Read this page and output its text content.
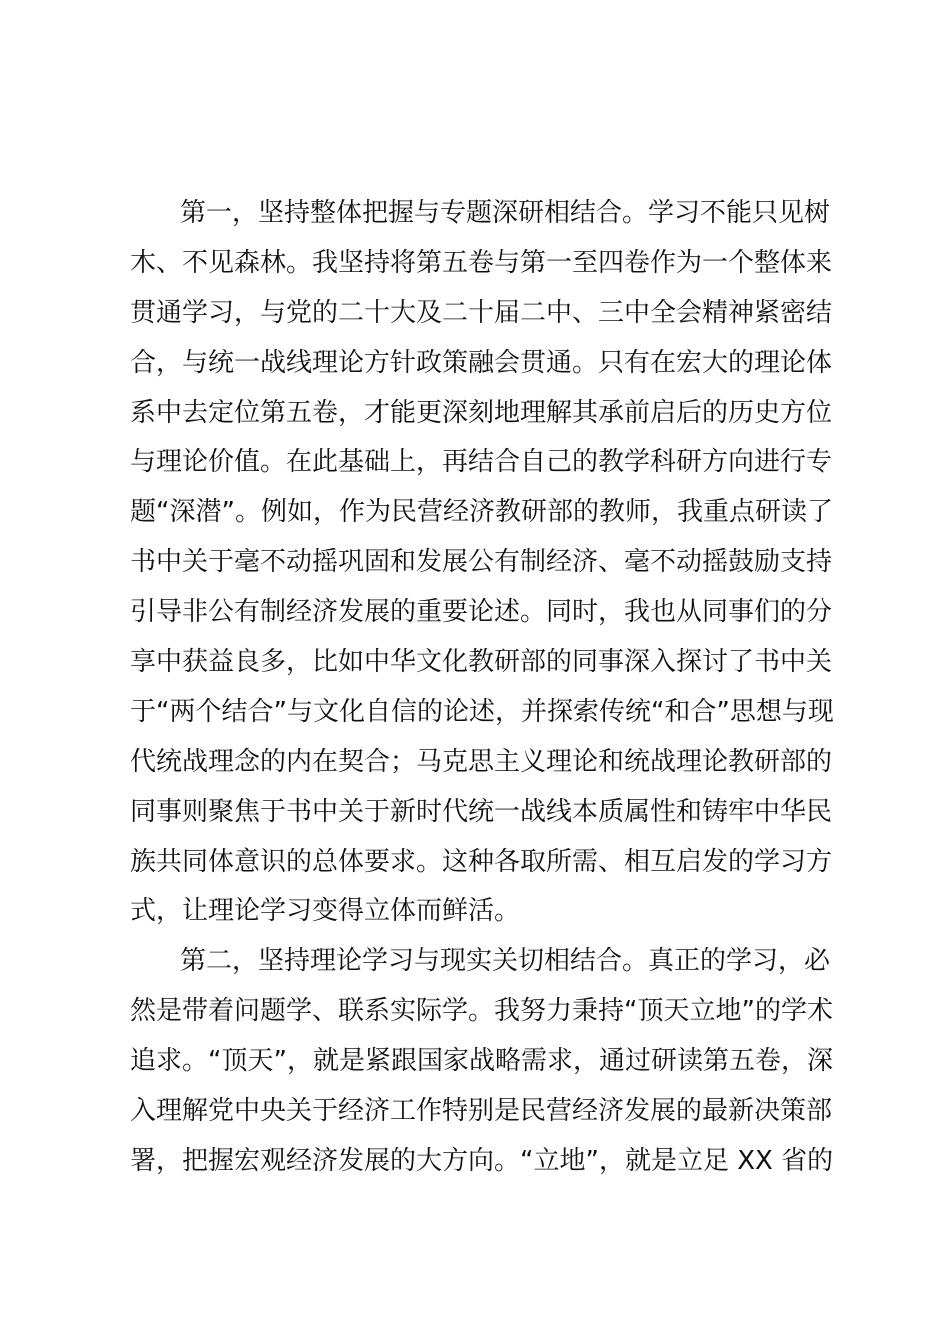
第一，坚持整体把握与专题深研相结合。学习不能只见树
木、不见森林。我坚持将第五卷与第一至四卷作为一个整体来
贯通学习，与党的二十大及二十届二中、三中全会精神紧密结
合，与统一战线理论方针政策融会贯通。只有在宏大的理论体
系中去定位第五卷，才能更深刻地理解其承前启后的历史方位
与理论价值。在此基础上，再结合自己的教学科研方向进行专
题“深潜”。例如，作为民营经济教研部的教师，我重点研读了
书中关于毫不动摇巩固和发展公有制经济、毫不动摇鼓励支持
引导非公有制经济发展的重要论述。同时，我也从同事们的分
享中获益良多，比如中华文化教研部的同事深入探讨了书中关
于“两个结合”与文化自信的论述，并探索传统“和合”思想与现
代统战理念的内在契合；马克思主义理论和统战理论教研部的
同事则聚焦于书中关于新时代统一战线本质属性和铸牢中华民
族共同体意识的总体要求。这种各取所需、相互启发的学习方
式，让理论学习变得立体而鲜活。
第二，坚持理论学习与现实关切相结合。真正的学习，必
然是带着问题学、联系实际学。我努力秉持“顶天立地”的学术
追求。“顶天”，就是紧跟国家战略需求，通过研读第五卷，深
入理解党中央关于经济工作特别是民营经济发展的最新决策部
署，把握宏观经济发展的大方向。“立地”，就是立足 XX 省的
